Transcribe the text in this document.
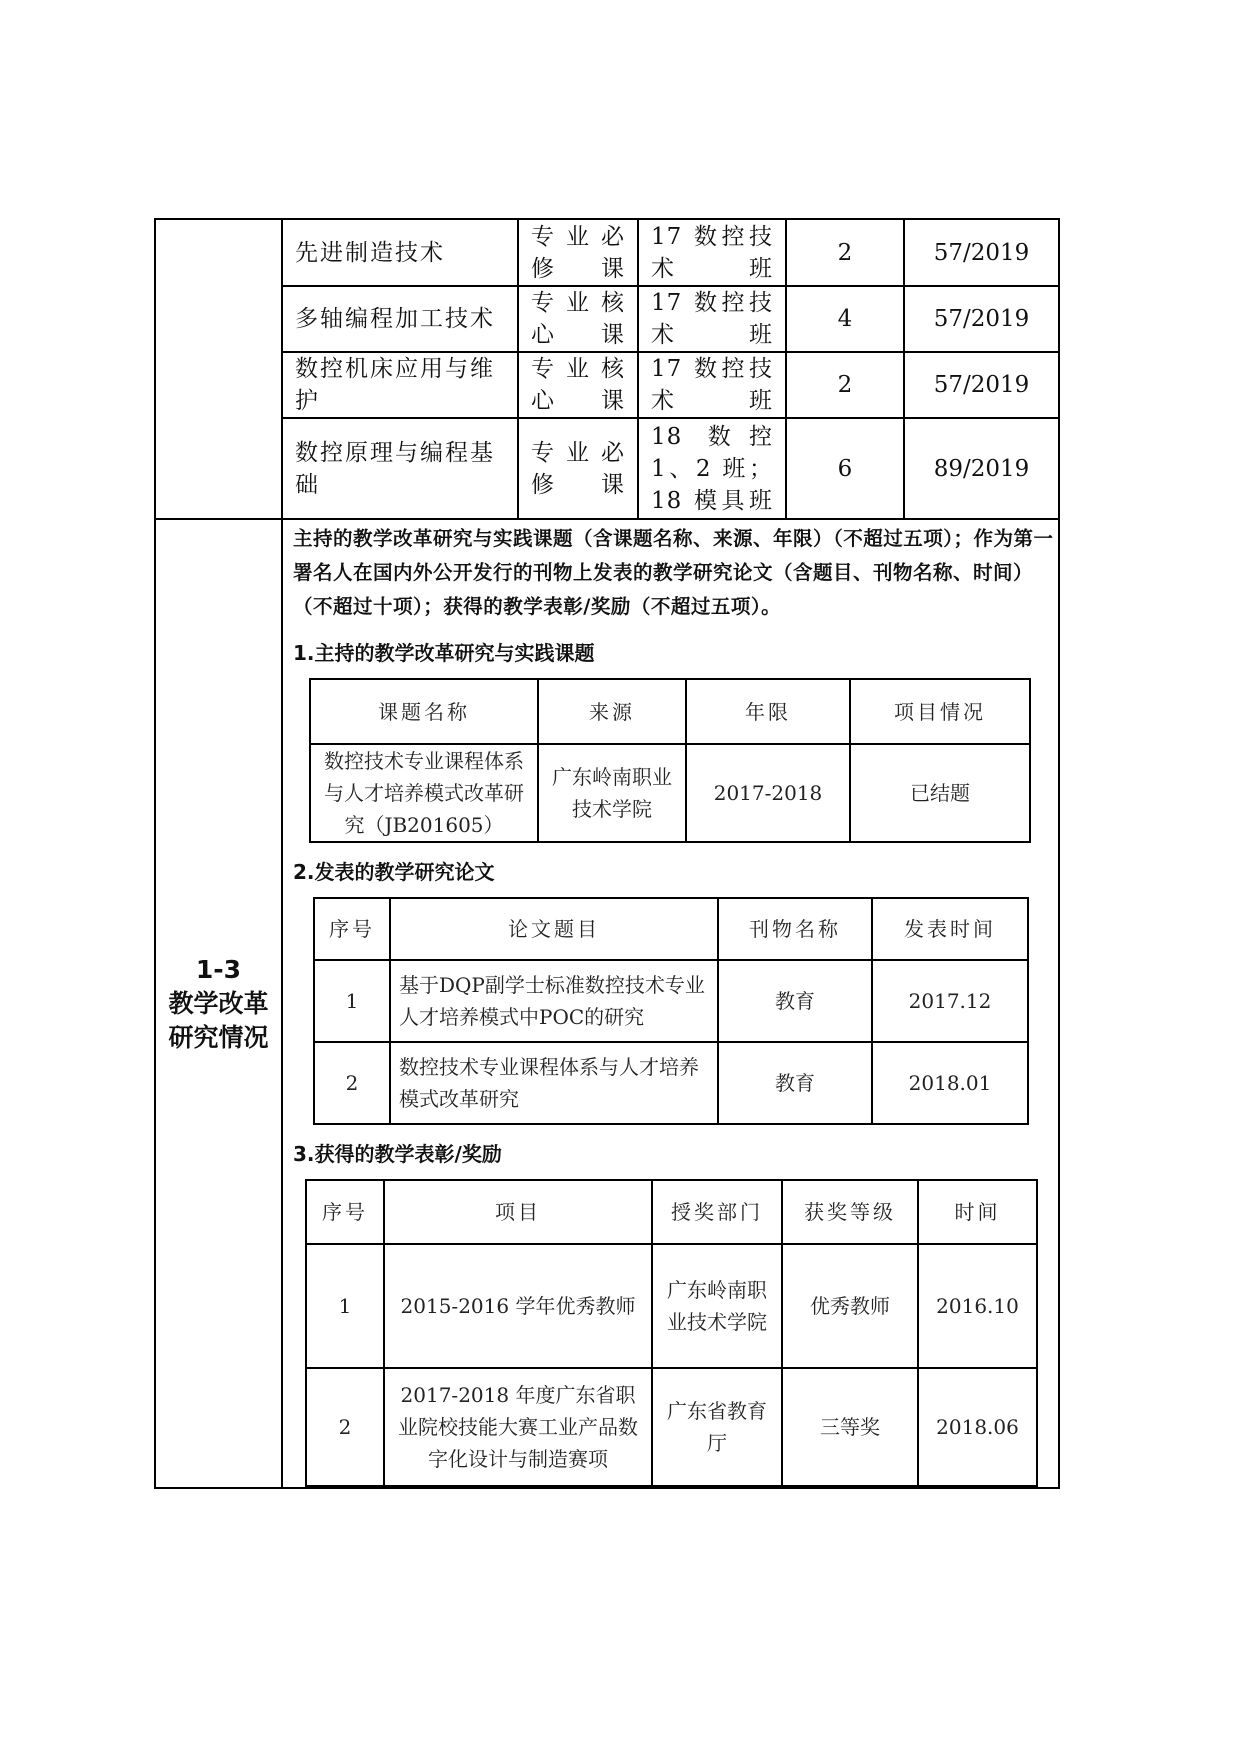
先进制造技术	专业必修课	17 数控技术班	2	57/2019
多轴编程加工技术	专业核心课	17 数控技术班	4	57/2019
数控机床应用与维护	专业核心课	17 数控技术班	2	57/2019
数控原理与编程基础	专业必修课	18 数控 1、2 班；18 模具班	6	89/2019

1-3
教学改革
研究情况

主持的教学改革研究与实践课题（含课题名称、来源、年限）（不超过五项）；作为第一署名人在国内外公开发行的刊物上发表的教学研究论文（含题目、刊物名称、时间）（不超过十项）；获得的教学表彰/奖励（不超过五项）。
1.主持的教学改革研究与实践课题
课题名称	来源	年限	项目情况
数控技术专业课程体系与人才培养模式改革研究（JB201605）	广东岭南职业技术学院	2017-2018	已结题
2.发表的教学研究论文
序号	论文题目	刊物名称	发表时间
1	基于DQP副学士标准数控技术专业人才培养模式中POC的研究	教育	2017.12
2	数控技术专业课程体系与人才培养模式改革研究	教育	2018.01
3.获得的教学表彰/奖励
序号	项目	授奖部门	获奖等级	时间
1	2015-2016 学年优秀教师	广东岭南职业技术学院	优秀教师	2016.10
2	2017-2018 年度广东省职业院校技能大赛工业产品数字化设计与制造赛项	广东省教育厅	三等奖	2018.06
